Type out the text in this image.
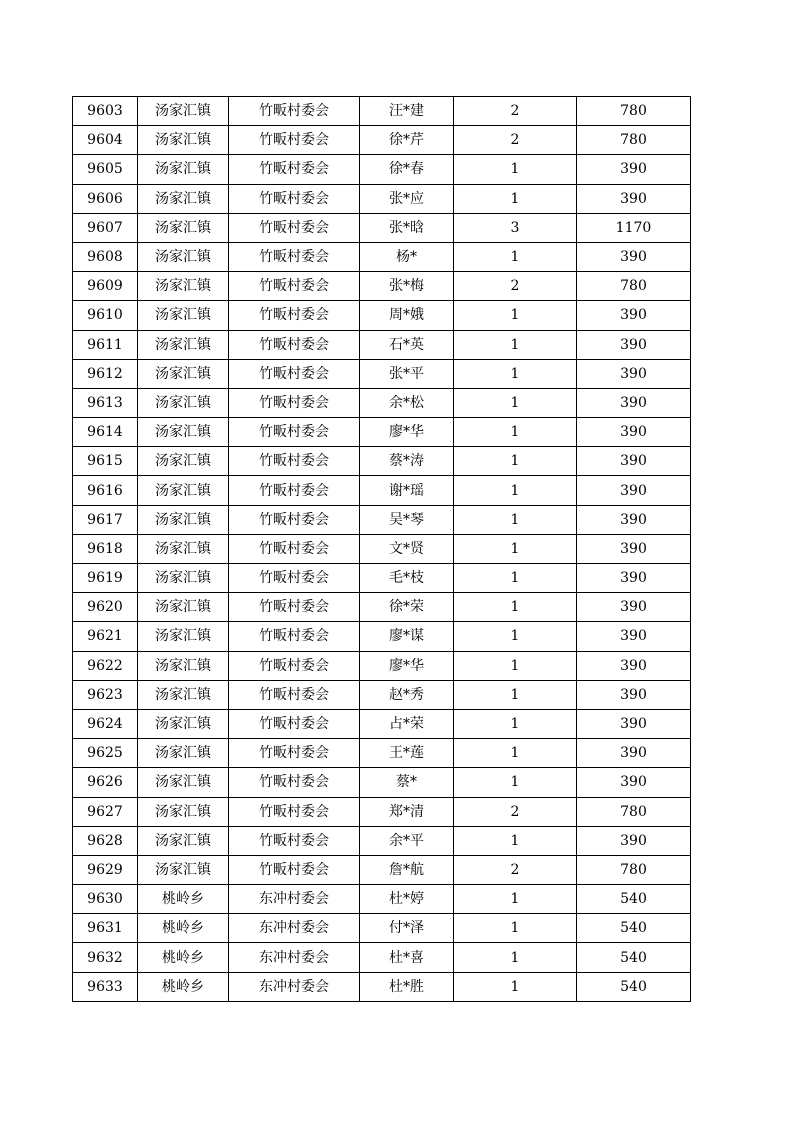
9603	汤家汇镇	竹畈村委会	汪*建	2	780
9604	汤家汇镇	竹畈村委会	徐*芹	2	780
9605	汤家汇镇	竹畈村委会	徐*春	1	390
9606	汤家汇镇	竹畈村委会	张*应	1	390
9607	汤家汇镇	竹畈村委会	张*晗	3	1170
9608	汤家汇镇	竹畈村委会	杨*	1	390
9609	汤家汇镇	竹畈村委会	张*梅	2	780
9610	汤家汇镇	竹畈村委会	周*娥	1	390
9611	汤家汇镇	竹畈村委会	石*英	1	390
9612	汤家汇镇	竹畈村委会	张*平	1	390
9613	汤家汇镇	竹畈村委会	余*松	1	390
9614	汤家汇镇	竹畈村委会	廖*华	1	390
9615	汤家汇镇	竹畈村委会	蔡*涛	1	390
9616	汤家汇镇	竹畈村委会	谢*瑶	1	390
9617	汤家汇镇	竹畈村委会	吴*琴	1	390
9618	汤家汇镇	竹畈村委会	文*贤	1	390
9619	汤家汇镇	竹畈村委会	毛*枝	1	390
9620	汤家汇镇	竹畈村委会	徐*荣	1	390
9621	汤家汇镇	竹畈村委会	廖*谋	1	390
9622	汤家汇镇	竹畈村委会	廖*华	1	390
9623	汤家汇镇	竹畈村委会	赵*秀	1	390
9624	汤家汇镇	竹畈村委会	占*荣	1	390
9625	汤家汇镇	竹畈村委会	王*莲	1	390
9626	汤家汇镇	竹畈村委会	蔡*	1	390
9627	汤家汇镇	竹畈村委会	郑*清	2	780
9628	汤家汇镇	竹畈村委会	余*平	1	390
9629	汤家汇镇	竹畈村委会	詹*航	2	780
9630	桃岭乡	东冲村委会	杜*婷	1	540
9631	桃岭乡	东冲村委会	付*泽	1	540
9632	桃岭乡	东冲村委会	杜*喜	1	540
9633	桃岭乡	东冲村委会	杜*胜	1	540
